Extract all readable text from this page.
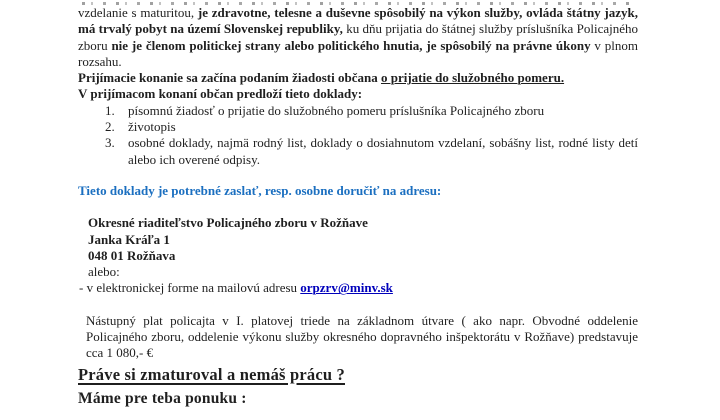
vzdelanie s maturitou, je zdravotne, telesne a duševne spôsobilý na výkon služby, ovláda štátny jazyk, má trvalý pobyt na území Slovenskej republiky, ku dňu prijatia do štátnej služby príslušníka Policajného zboru nie je členom politickej strany alebo politického hnutia, je spôsobilý na právne úkony v plnom rozsahu.

Prijímacie konanie sa začína podaním žiadosti občana o prijatie do služobného pomeru.
V prijímacom konaní občan predloží tieto doklady:
1.	písomnú žiadosť o prijatie do služobného pomeru príslušníka Policajného zboru
2.	životopis
3.	osobné doklady, najmä rodný list, doklady o dosiahnutom vzdelaní, sobášny list, rodné listy detí alebo ich overené odpisy.
Tieto doklady je potrebné zaslať, resp. osobne doručiť na adresu:
Okresné riaditeľstvo Policajného zboru v Rožňave
Janka Kráľa 1
048 01 Rožňava
alebo:
- v elektronickej forme na mailovú adresu orpzrv@minv.sk

Nástupný plat policajta v I. platovej triede na základnom útvare ( ako napr. Obvodné oddelenie Policajného zboru, oddelenie výkonu služby okresného dopravného inšpektorátu v Rožňave) predstavuje cca 1 080,- €

Práve si zmaturoval a nemáš prácu ?
Máme pre teba ponuku :
